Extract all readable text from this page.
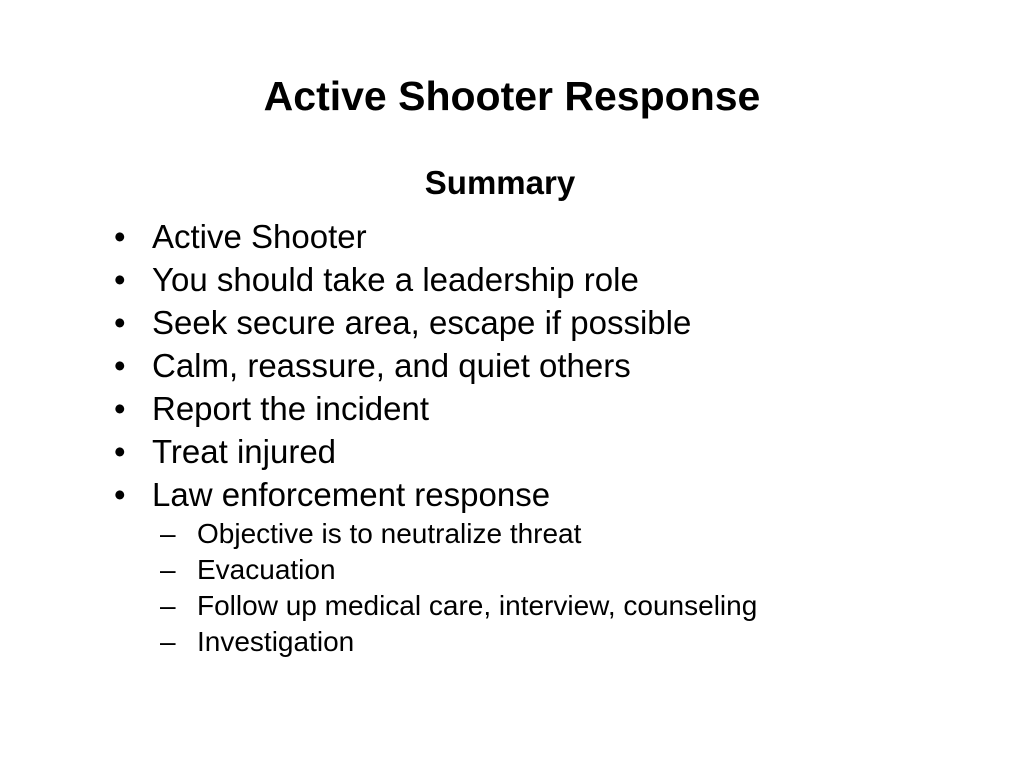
Active Shooter Response
Summary
• Active Shooter
• You should take a leadership role
• Seek secure area, escape if possible
• Calm, reassure, and quiet others
• Report the incident
• Treat injured
• Law enforcement response
– Objective is to neutralize threat
– Evacuation
– Follow up medical care, interview, counseling
– Investigation
